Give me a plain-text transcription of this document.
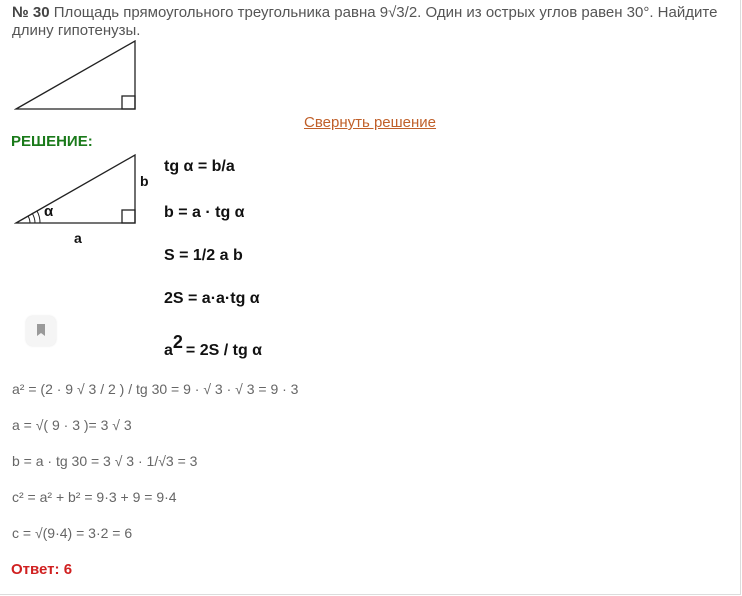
№ 30 Площадь прямоугольного треугольника равна 9√3/2. Один из острых углов равен 30°. Найдите длину гипотенузы.
Свернуть решение
РЕШЕНИЕ:
b
α
a
tg α = b/a
b = a · tg α
S = 1/2 a b
2S = a·a·tg α
$a^2 = 2S$ / tg α
a² = (2 · 9 √ 3 / 2 ) / tg 30 = 9 · √ 3 · √ 3 = 9 · 3
a = √( 9 · 3 )= 3 √ 3
b = a · tg 30 = 3 √ 3 · 1/√3 = 3
c² = a² + b² = 9·3 + 9 = 9·4
c = √(9·4) = 3·2 = 6
Ответ: 6
